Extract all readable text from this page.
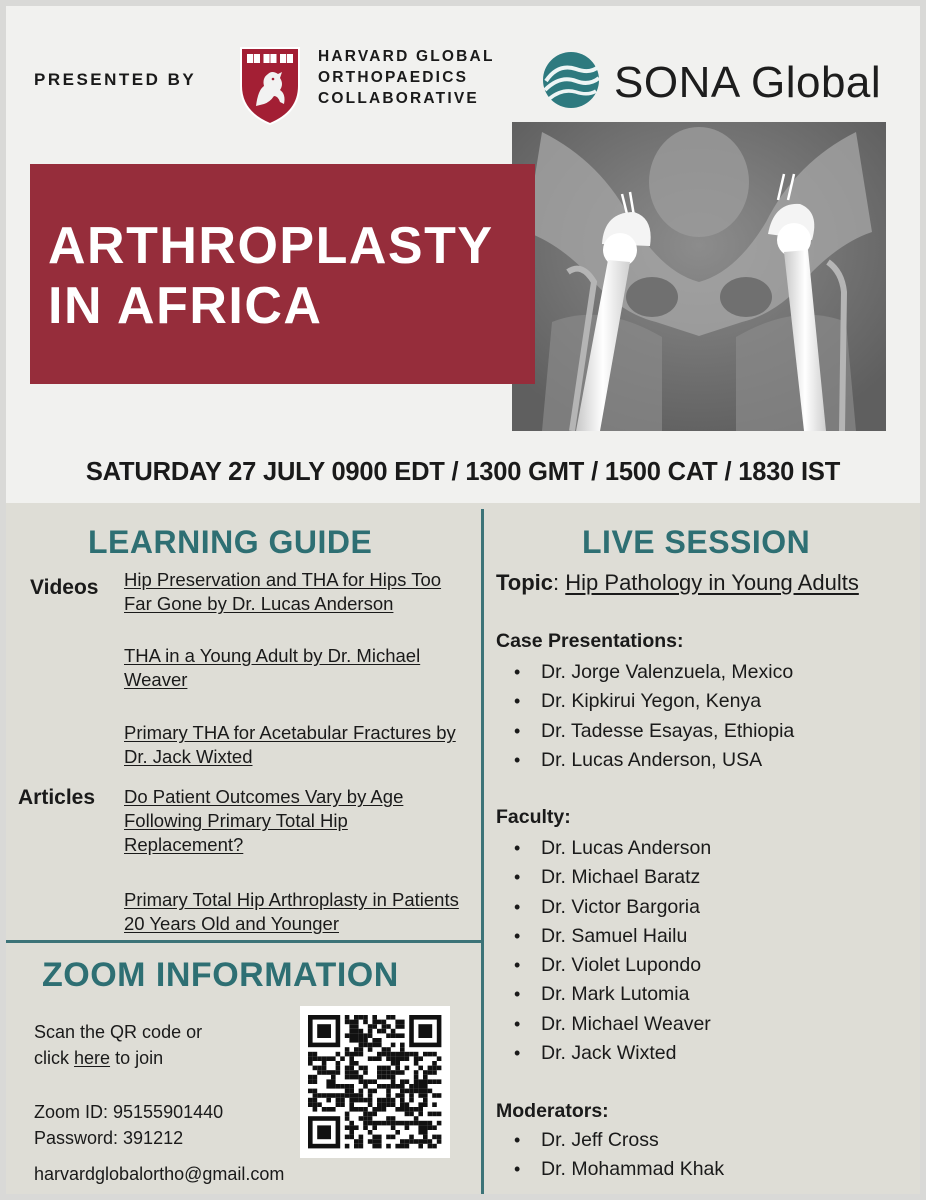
PRESENTED BY
HARVARD GLOBAL
ORTHOPAEDICS
COLLABORATIVE	SONA Global
ARTHROPLASTY
IN AFRICA
SATURDAY 27 JULY 0900 EDT / 1300 GMT / 1500 CAT / 1830 IST
LEARNING GUIDE
Videos
Articles
Hip Preservation and THA for Hips Too Far Gone by Dr. Lucas Anderson
THA in a Young Adult by Dr. Michael Weaver
Primary THA for Acetabular Fractures by Dr. Jack Wixted
Do Patient Outcomes Vary by Age Following Primary Total Hip Replacement?
Primary Total Hip Arthroplasty in Patients 20 Years Old and Younger
ZOOM INFORMATION
Scan the QR code or
click here to join
Zoom ID: 95155901440
Password: 391212
harvardglobalortho@gmail.com
LIVE SESSION
Topic: Hip Pathology in Young Adults
Case Presentations:
• Dr. Jorge Valenzuela, Mexico
• Dr. Kipkirui Yegon, Kenya
• Dr. Tadesse Esayas, Ethiopia
• Dr. Lucas Anderson, USA
Faculty:
• Dr. Lucas Anderson
• Dr. Michael Baratz
• Dr. Victor Bargoria
• Dr. Samuel Hailu
• Dr. Violet Lupondo
• Dr. Mark Lutomia
• Dr. Michael Weaver
• Dr. Jack Wixted
Moderators:
• Dr. Jeff Cross
• Dr. Mohammad Khak
